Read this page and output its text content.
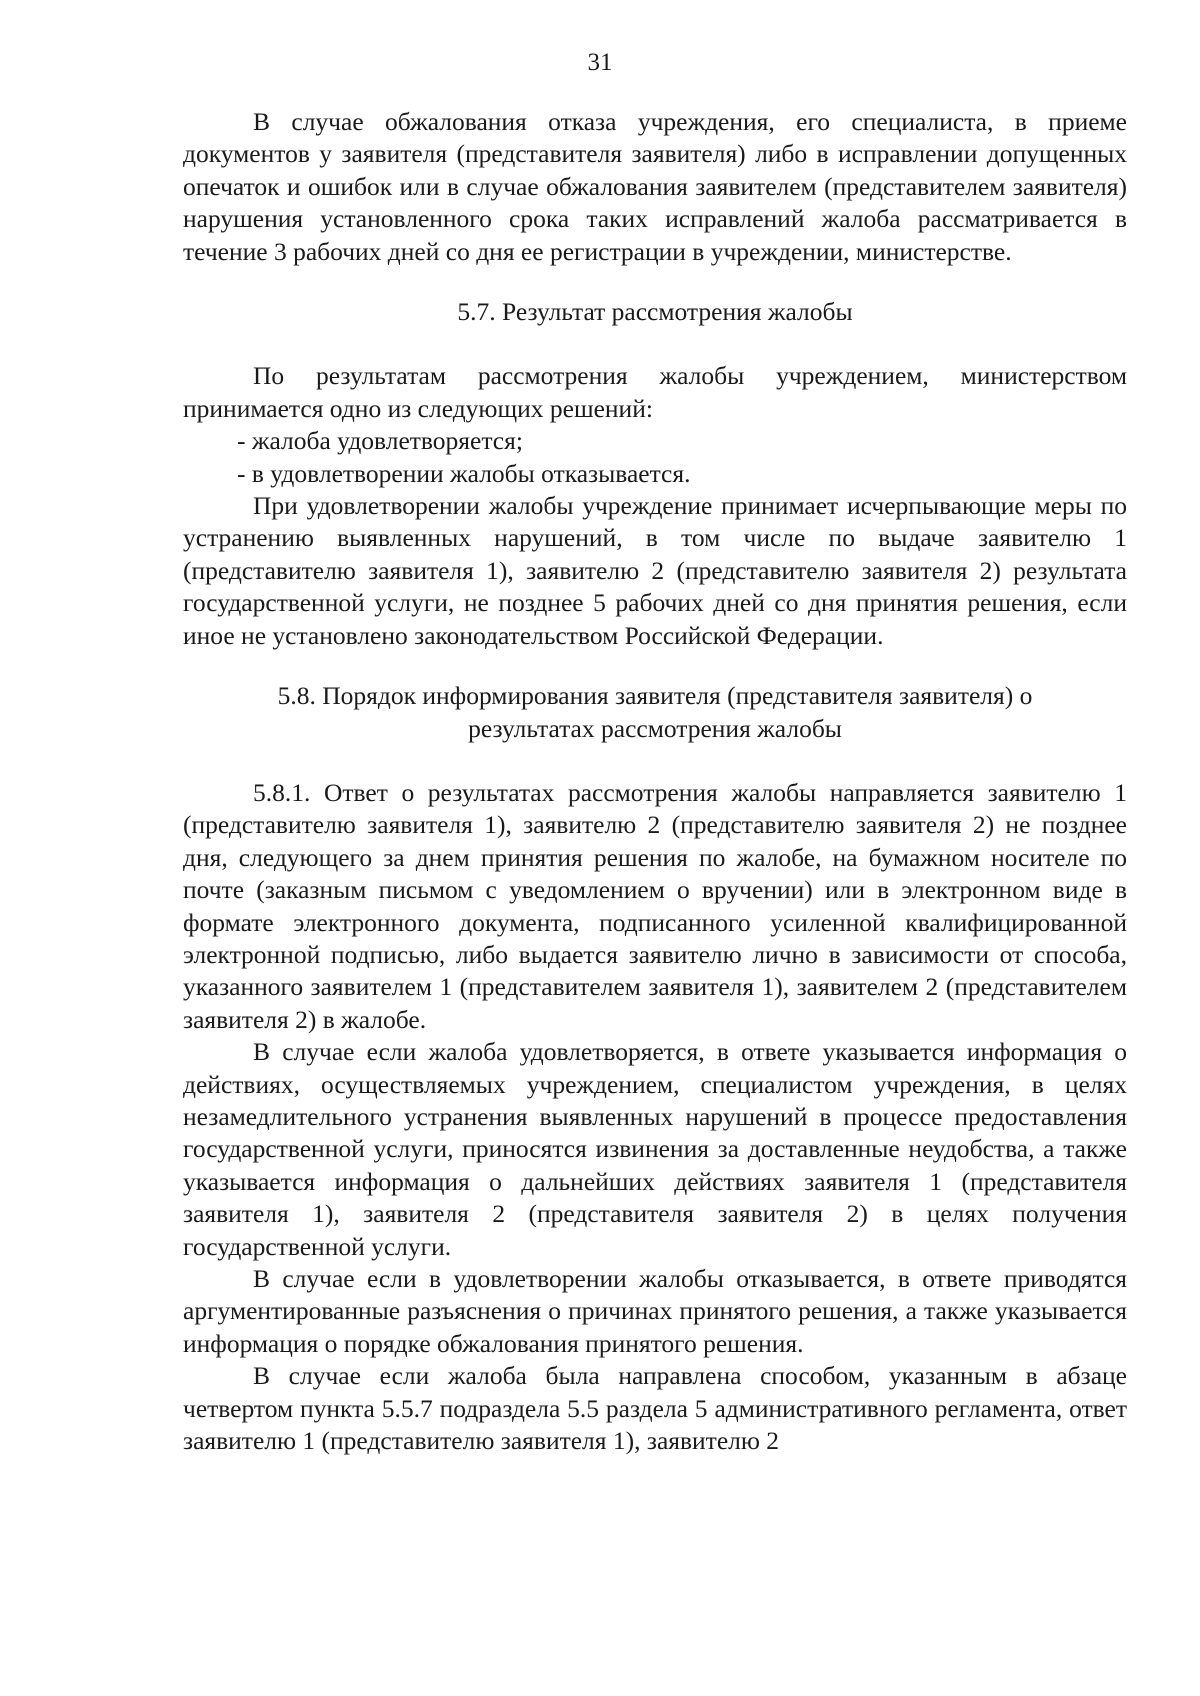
31

В случае обжалования отказа учреждения, его специалиста, в приеме документов у заявителя (представителя заявителя) либо в исправлении допущенных опечаток и ошибок или в случае обжалования заявителем (представителем заявителя) нарушения установленного срока таких исправлений жалоба рассматривается в течение 3 рабочих дней со дня ее регистрации в учреждении, министерстве.

5.7. Результат рассмотрения жалобы

По результатам рассмотрения жалобы учреждением, министерством принимается одно из следующих решений:

- жалоба удовлетворяется;

- в удовлетворении жалобы отказывается.

При удовлетворении жалобы учреждение принимает исчерпывающие меры по устранению выявленных нарушений, в том числе по выдаче заявителю 1 (представителю заявителя 1), заявителю 2 (представителю заявителя 2) результата государственной услуги, не позднее 5 рабочих дней со дня принятия решения, если иное не установлено законодательством Российской Федерации.

5.8. Порядок информирования заявителя (представителя заявителя) о

результатах рассмотрения жалобы

5.8.1. Ответ о результатах рассмотрения жалобы направляется заявителю 1 (представителю заявителя 1), заявителю 2 (представителю заявителя 2) не позднее дня, следующего за днем принятия решения по жалобе, на бумажном носителе по почте (заказным письмом с уведомлением о вручении) или в электронном виде в формате электронного документа, подписанного усиленной квалифицированной электронной подписью, либо выдается заявителю лично в зависимости от способа, указанного заявителем 1 (представителем заявителя 1), заявителем 2 (представителем заявителя 2) в жалобе.

В случае если жалоба удовлетворяется, в ответе указывается информация о действиях, осуществляемых учреждением, специалистом учреждения, в целях незамедлительного устранения выявленных нарушений в процессе предоставления государственной услуги, приносятся извинения за доставленные неудобства, а также указывается информация о дальнейших действиях заявителя 1 (представителя заявителя 1), заявителя 2 (представителя заявителя 2) в целях получения государственной услуги.

В случае если в удовлетворении жалобы отказывается, в ответе приводятся аргументированные разъяснения о причинах принятого решения, а также указывается информация о порядке обжалования принятого решения.

В случае если жалоба была направлена способом, указанным в абзаце четвертом пункта 5.5.7 подраздела 5.5 раздела 5 административного регламента, ответ заявителю 1 (представителю заявителя 1), заявителю 2
